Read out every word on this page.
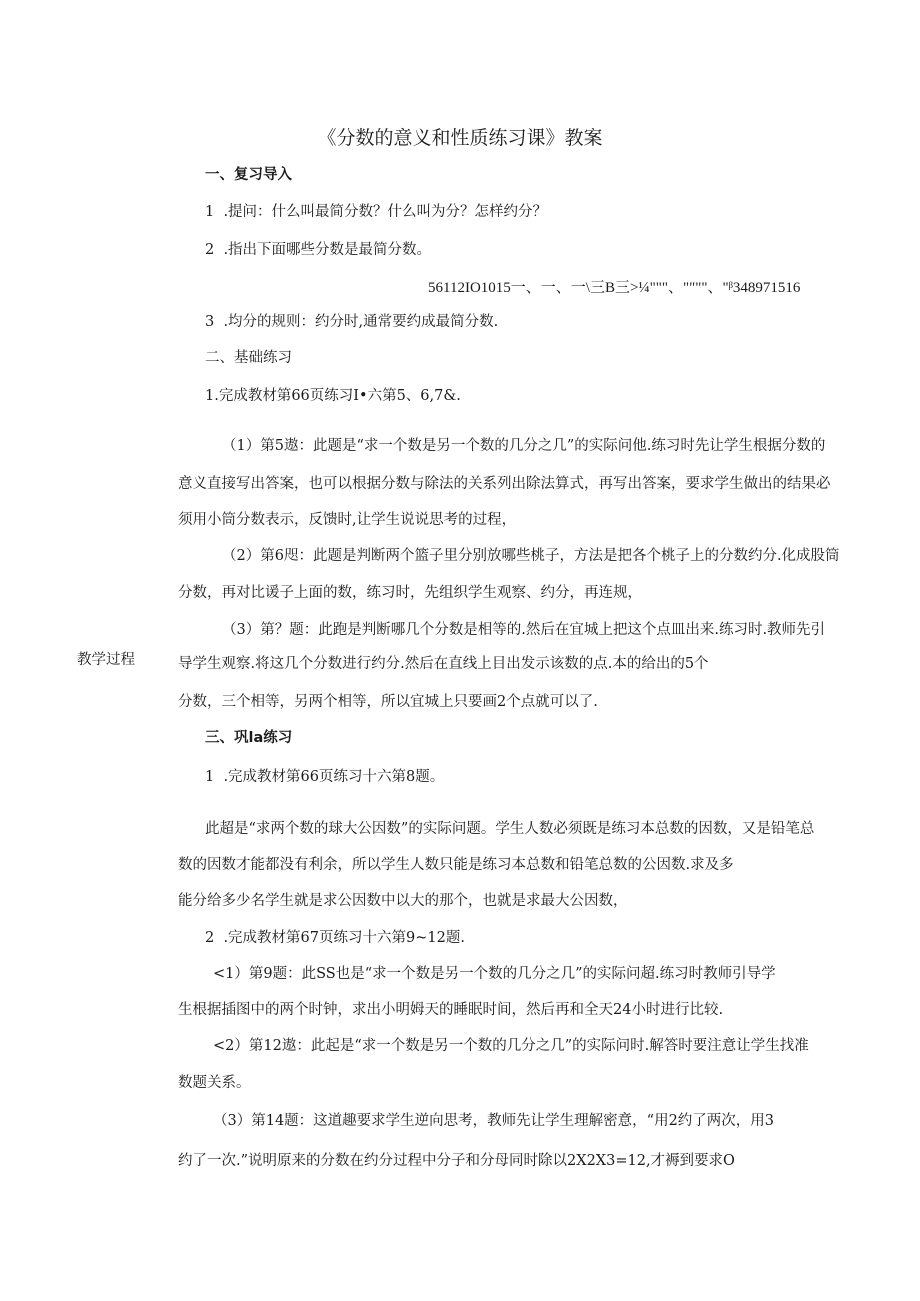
《分数的意义和性质练习课》教案
一、复习导入
1  .提问：什么叫最简分数？什么叫为分？怎样约分？
2  .指出下面哪些分数是最简分数。
56112IO1015一、一、一\三B三>¼"""、""""、"ᵝ348971516
3  .均分的规则：约分时,通常要约成最简分数.
二、基础练习
1.完成教材第66页练习I•六第5、6,7&.
（1）第5遨：此题是“求一个数是另一个数的几分之几”的实际问他.练习时先让学生根据分数的
意义直接写出答案，也可以根据分数与除法的关系列出除法算式，再写出答案，要求学生做出的结果必
须用小筒分数表示，反馈时,让学生说说思考的过程，
（2）第6咫：此题是判断两个篮子里分别放哪些桃子，方法是把各个桃子上的分数约分.化成股筒
分数，再对比谖子上面的数，练习时，先组织学生观察、约分，再连规，
（3）第？题：此跑是判断哪几个分数是相等的.然后在宜城上把这个点皿出来.练习时.教师先引
教学过程	导学生观察.将这几个分数进行约分.然后在直线上目出发示该数的点.本的给出的5个
分数，三个相等，另两个相等，所以宜城上只要画2个点就可以了.
三、巩la练习
1  .完成教材第66页练习十六第8题。
此超是“求两个数的球大公因数”的实际问题。学生人数必须既是练习本总数的因数，又是铅笔总
数的因数才能都没有利余，所以学生人数只能是练习本总数和铅笔总数的公因数.求及多
能分给多少名学生就是求公因数中以大的那个，也就是求最大公因数，
2  .完成教材第67页练习十六第9~12题.
<1）第9题：此SS也是“求一个数是另一个数的几分之几”的实际问超.练习时教师引导学
生根据插图中的两个时钟，求出小明姆天的睡眠时间，然后再和全天24小时进行比较.
<2）第12遨：此起是“求一个数是另一个数的几分之几”的实际问时.解答时要注意让学生找准
数题关系。
（3）第14题：这道趣要求学生逆向思考，教师先让学生理解密意，“用2约了两次，用3
约了一次.”说明原来的分数在约分过程中分子和分母同时除以2X2X3=12,才褥到要求O
